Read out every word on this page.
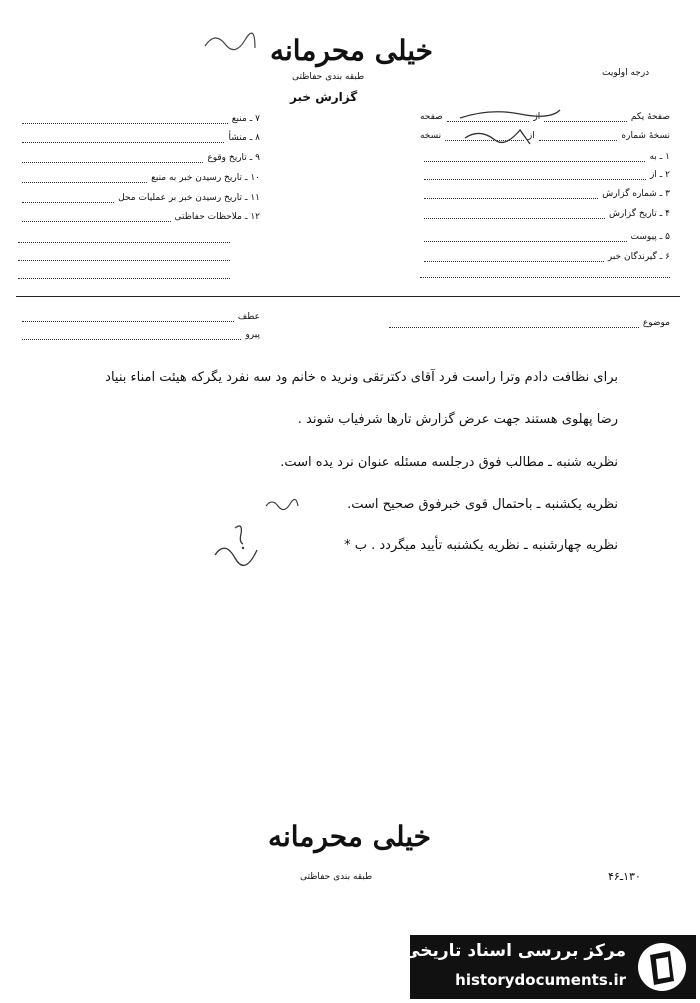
خیلی محرمانه
طبقه بندی حفاظتی	درجه اولویت
گزارش خبر
صفحهٔ یکم
از
صفحه
نسخهٔ شماره
از
نسخه
۱ ـ به
۲ ـ از
۳ ـ شماره گزارش
۴ ـ تاریخ گزارش
۵ ـ پیوست
۶ ـ گیرندگان خبر
۷ ـ منبع
۸ ـ منشأ
۹ ـ تاریخ وقوع
۱۰ ـ تاریخ رسیدن خبر به منبع
۱۱ ـ تاریخ رسیدن خبر بر عملیات محل
۱۲ ـ ملاحظات حفاظتی
موضوع
عطف
پیرو
برای نظافت دادم وترا راست فرد آقای دکترتقی ونرید ه خانم ود سه نفرد یگرکه هیئت امناء بنیاد
رضا پهلوی هستند جهت عرض گزارش تارها شرفیاب شوند .
نظریه شنبه ـ مطالب فوق درجلسه مسئله عنوان نرد یده است.
نظریه یکشنبه ـ باحتمال قوی خبرفوق صحیح است.
نظریه چهارشنبه ـ نظریه یکشنبه تأیید میگردد . ب *
خیلی محرمانه
طبقه بندی حفاظتی	۱۳۰ـ۴۶
مرکز بررسی اسناد تاریخی
historydocuments.ir
